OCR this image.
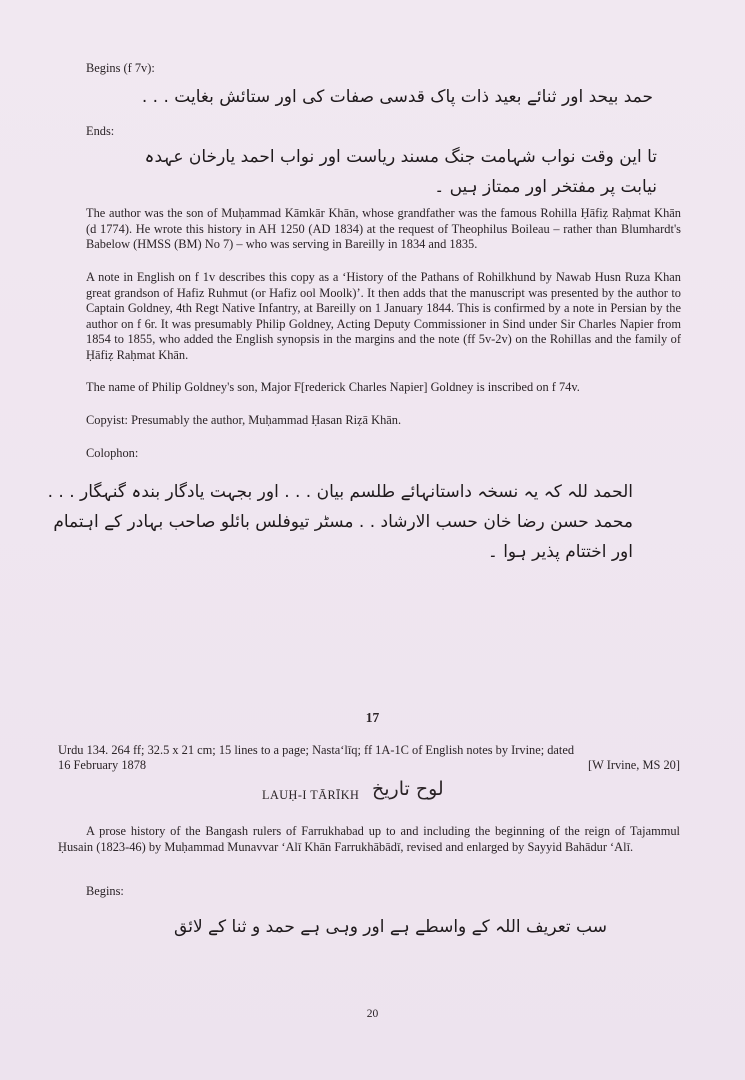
Begins (f 7v):
حمد بیحد اور ثنائے بعید ذات پاک قدسی صفات کی اور ستائش بغایت . . .
Ends:
تا این وقت نواب شہامت جنگ مسند ریاست اور نواب احمد یارخان عہدہ
نیابت پر مفتخر اور ممتاز ہیں ۔
The author was the son of Muḥammad Kāmkār Khān, whose grandfather was the famous Rohilla Ḥāfiẓ Raḥmat Khān (d 1774). He wrote this history in AH 1250 (AD 1834) at the request of Theophilus Boileau – rather than Blumhardt's Babelow (HMSS (BM) No 7) – who was serving in Bareilly in 1834 and 1835.
A note in English on f 1v describes this copy as a ‘History of the Pathans of Rohilkhund by Nawab Husn Ruza Khan great grandson of Hafiz Ruhmut (or Hafiz ool Moolk)’. It then adds that the manuscript was presented by the author to Captain Goldney, 4th Regt Native Infantry, at Bareilly on 1 January 1844. This is confirmed by a note in Persian by the author on f 6r. It was presumably Philip Goldney, Acting Deputy Commissioner in Sind under Sir Charles Napier from 1854 to 1855, who added the English synopsis in the margins and the note (ff 5v-2v) on the Rohillas and the family of Ḥāfiẓ Raḥmat Khān.
The name of Philip Goldney's son, Major F[rederick Charles Napier] Goldney is inscribed on f 74v.
Copyist: Presumably the author, Muḥammad Ḥasan Riẓā Khān.
Colophon:
الحمد للہ کہ یہ نسخہ داستانہائے طلسم بیان . . . اور بجہت یادگار بندہ گنہگار . . .
محمد حسن رضا خان حسب الارشاد . . مسٹر تیوفلس بائلو صاحب بہادر کے اہتمام
اور اختتام پذیر ہوا ۔
17
Urdu 134. 264 ff; 32.5 x 21 cm; 15 lines to a page; Nasta‘līq; ff 1A-1C of English notes by Irvine; dated
16 February 1878	[W Irvine, MS 20]
LAUḤ-I TĀRĪKH لوح تاریخ
A prose history of the Bangash rulers of Farrukhabad up to and including the beginning of the reign of Tajammul Ḥusain (1823-46) by Muḥammad Munavvar ‘Alī Khān Farrukhābādī, revised and enlarged by Sayyid Bahādur ‘Alī.
Begins:
سب تعریف اللہ کے واسطے ہے اور وہی ہے حمد و ثنا کے لائق
20
